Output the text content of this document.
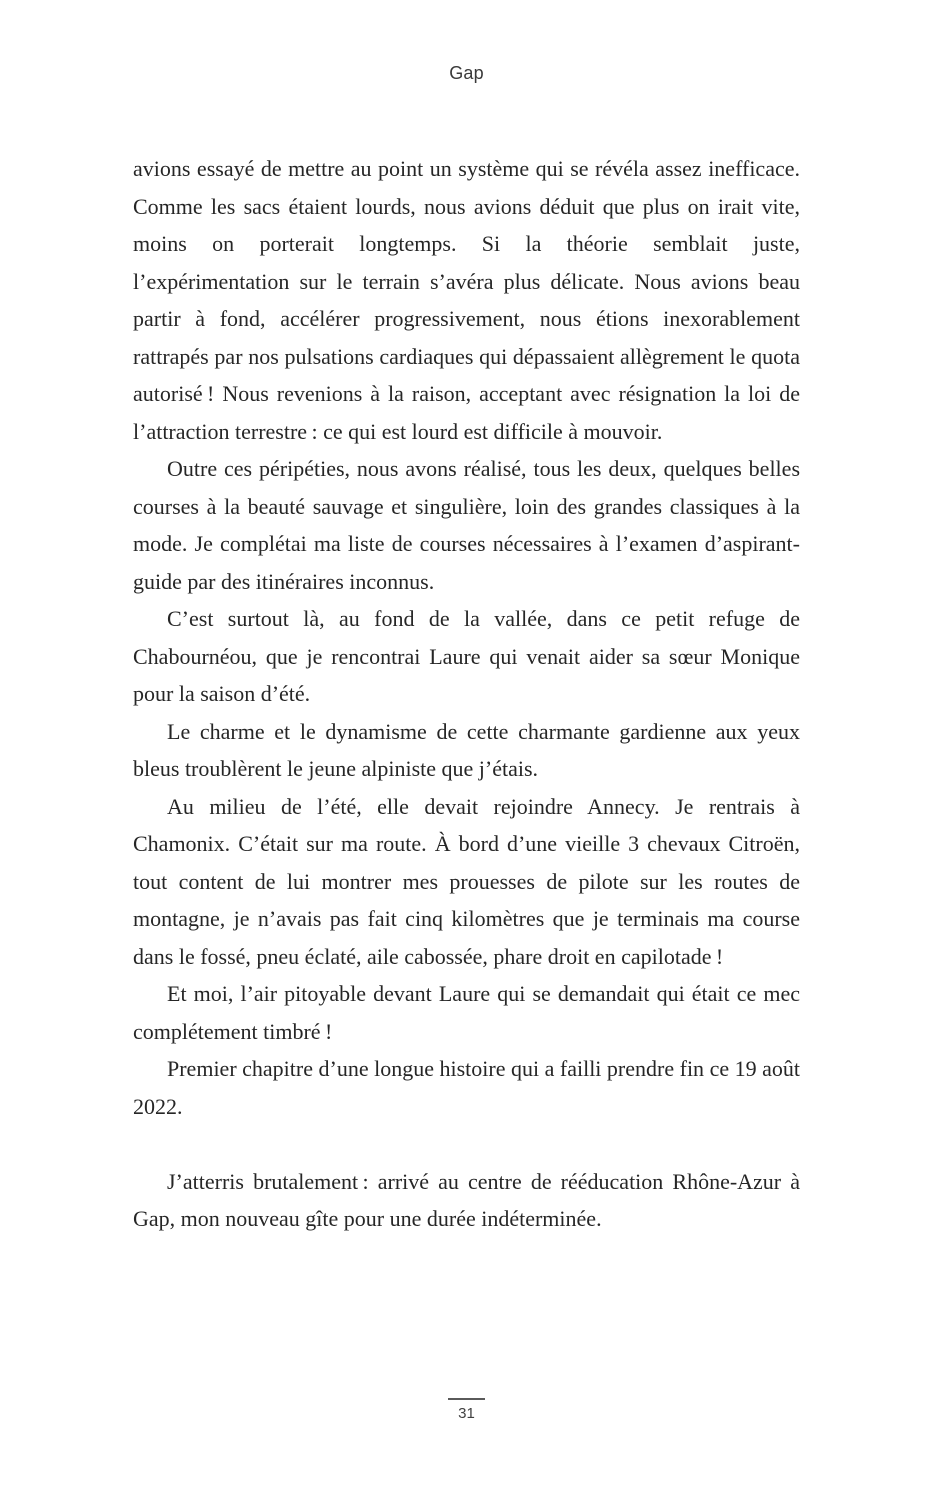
Gap

avions essayé de mettre au point un système qui se révéla assez inefficace. Comme les sacs étaient lourds, nous avions déduit que plus on irait vite, moins on porterait longtemps. Si la théorie semblait juste, l’expérimentation sur le terrain s’avéra plus délicate. Nous avions beau partir à fond, accélérer progressivement, nous étions inexorablement rattrapés par nos pulsations cardiaques qui dépassaient allègrement le quota autorisé ! Nous revenions à la raison, acceptant avec résignation la loi de l’attraction terrestre : ce qui est lourd est difficile à mouvoir.

Outre ces péripéties, nous avons réalisé, tous les deux, quelques belles courses à la beauté sauvage et singulière, loin des grandes classiques à la mode. Je complétai ma liste de courses nécessaires à l’examen d’aspirant-guide par des itinéraires inconnus.

C’est surtout là, au fond de la vallée, dans ce petit refuge de Chabournéou, que je rencontrai Laure qui venait aider sa sœur Monique pour la saison d’été.

Le charme et le dynamisme de cette charmante gardienne aux yeux bleus troublèrent le jeune alpiniste que j’étais.

Au milieu de l’été, elle devait rejoindre Annecy. Je rentrais à Chamonix. C’était sur ma route. À bord d’une vieille 3 chevaux Citroën, tout content de lui montrer mes prouesses de pilote sur les routes de montagne, je n’avais pas fait cinq kilomètres que je terminais ma course dans le fossé, pneu éclaté, aile cabossée, phare droit en capilotade !

Et moi, l’air pitoyable devant Laure qui se demandait qui était ce mec complétement timbré !

Premier chapitre d’une longue histoire qui a failli prendre fin ce 19 août 2022.

J’atterris brutalement : arrivé au centre de rééducation Rhône-Azur à Gap, mon nouveau gîte pour une durée indéterminée.

31
